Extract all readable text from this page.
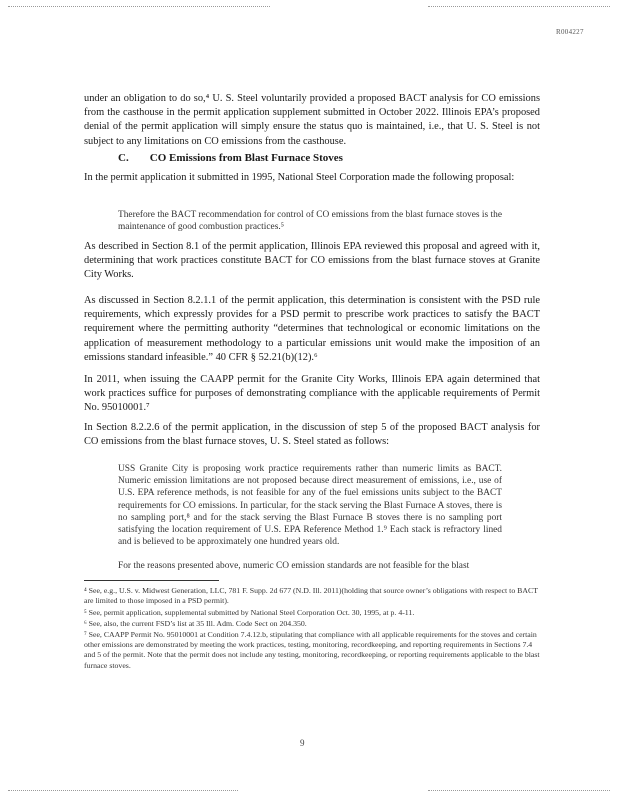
R004227

under an obligation to do so,⁴ U. S. Steel voluntarily provided a proposed BACT analysis for CO emissions from the casthouse in the permit application supplement submitted in October 2022. Illinois EPA’s proposed denial of the permit application will simply ensure the status quo is maintained, i.e., that U. S. Steel is not subject to any limitations on CO emissions from the casthouse.

C. CO Emissions from Blast Furnace Stoves

In the permit application it submitted in 1995, National Steel Corporation made the following proposal:

Therefore the BACT recommendation for control of CO emissions from the blast furnace stoves is the maintenance of good combustion practices.⁵

As described in Section 8.1 of the permit application, Illinois EPA reviewed this proposal and agreed with it, determining that work practices constitute BACT for CO emissions from the blast furnace stoves at Granite City Works.

As discussed in Section 8.2.1.1 of the permit application, this determination is consistent with the PSD rule requirements, which expressly provides for a PSD permit to prescribe work practices to satisfy the BACT requirement where the permitting authority “determines that technological or economic limitations on the application of measurement methodology to a particular emissions unit would make the imposition of an emissions standard infeasible.” 40 CFR § 52.21(b)(12).⁶

In 2011, when issuing the CAAPP permit for the Granite City Works, Illinois EPA again determined that work practices suffice for purposes of demonstrating compliance with the applicable requirements of Permit No. 95010001.⁷

In Section 8.2.2.6 of the permit application, in the discussion of step 5 of the proposed BACT analysis for CO emissions from the blast furnace stoves, U. S. Steel stated as follows:

USS Granite City is proposing work practice requirements rather than numeric limits as BACT. Numeric emission limitations are not proposed because direct measurement of emissions, i.e., use of U.S. EPA reference methods, is not feasible for any of the fuel emissions units subject to the BACT requirements for CO emissions. In particular, for the stack serving the Blast Furnace A stoves, there is no sampling port,⁸ and for the stack serving the Blast Furnace B stoves there is no sampling port satisfying the location requirement of U.S. EPA Reference Method 1.⁹ Each stack is refractory lined and is believed to be approximately one hundred years old.

For the reasons presented above, numeric CO emission standards are not feasible for the blast

⁴ See, e.g., U.S. v. Midwest Generation, LLC, 781 F. Supp. 2d 677 (N.D. Ill. 2011)(holding that source owner’s obligations with respect to BACT are limited to those imposed in a PSD permit).

⁵ See, permit application, supplemental submitted by National Steel Corporation Oct. 30, 1995, at p. 4-11.

⁶ See, also, the current FSD’s list at 35 Ill. Adm. Code Sect on 204.350.

⁷ See, CAAPP Permit No. 95010001 at Condition 7.4.12.b, stipulating that compliance with all applicable requirements for the stoves and certain other emissions are demonstrated by meeting the work practices, testing, monitoring, recordkeeping, and reporting requirements in Sections 7.4 and 5 of the permit. Note that the permit does not include any testing, monitoring, recordkeeping, or reporting requirements applicable to the blast furnace stoves.

9
